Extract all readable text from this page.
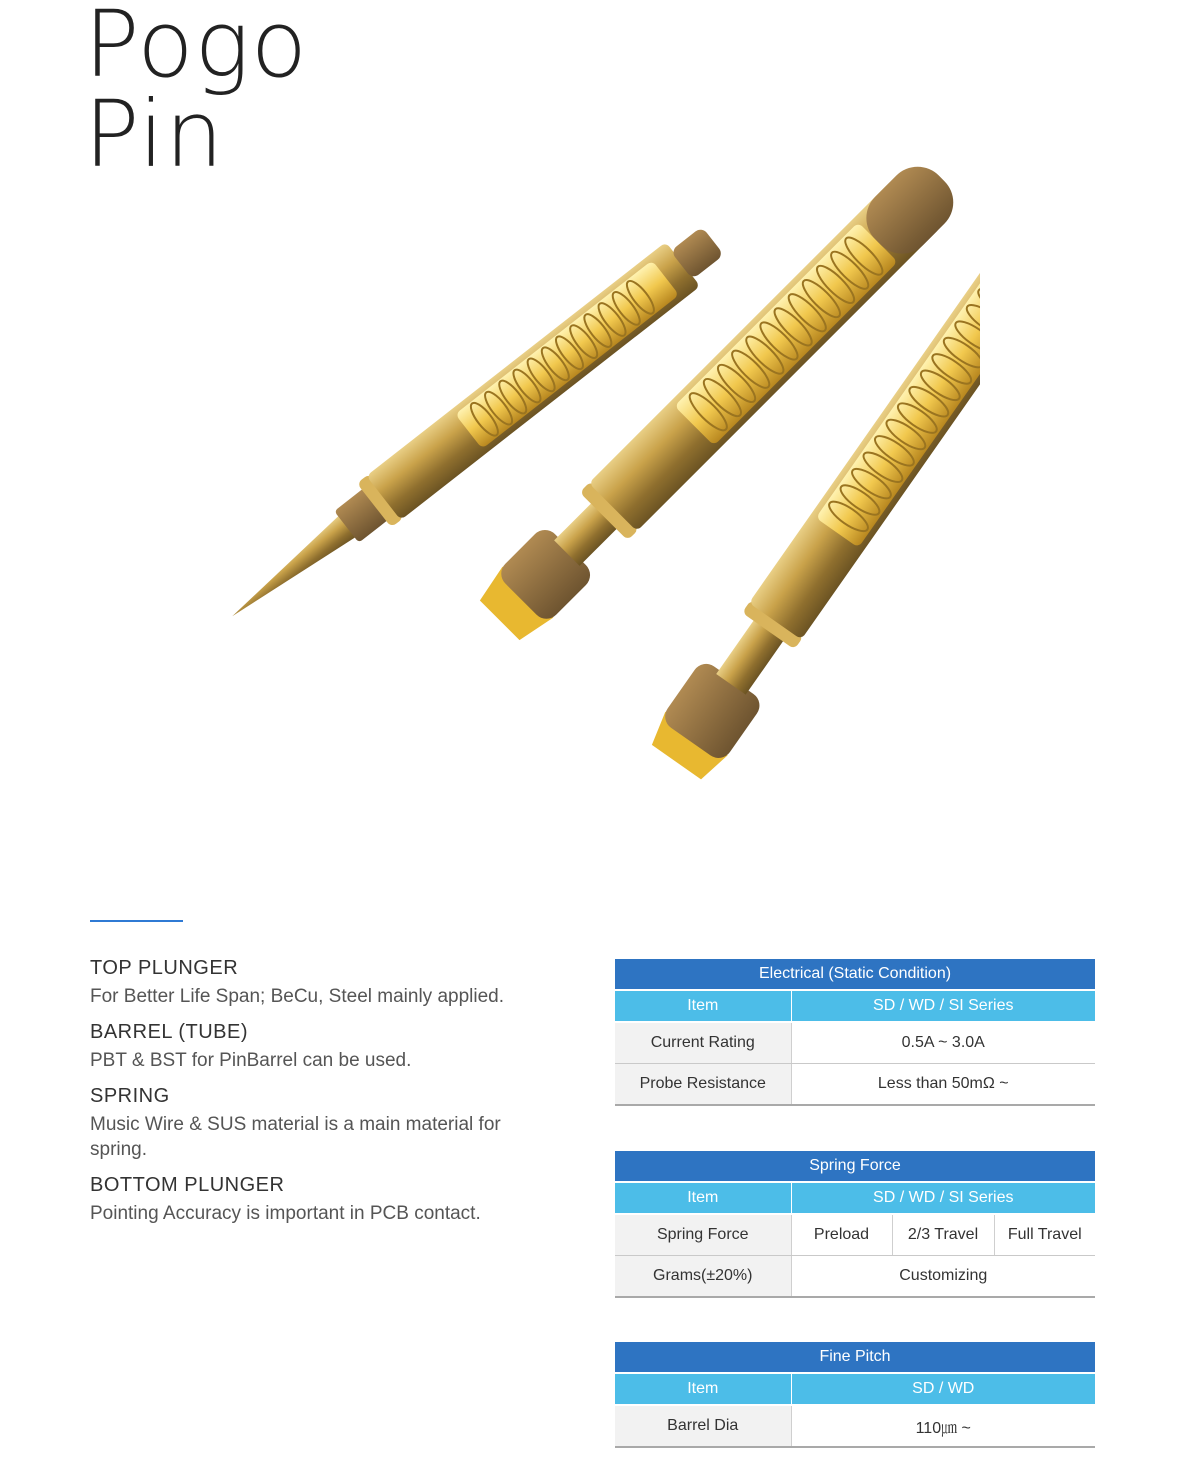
Pogo
Pin
TOP PLUNGER
For Better Life Span; BeCu, Steel mainly applied.
BARREL (TUBE)
PBT & BST for PinBarrel can be used.
SPRING
Music Wire & SUS material is a main material for spring.
BOTTOM PLUNGER
Pointing Accuracy is important in PCB contact.
Electrical (Static Condition)	
Item	SD / WD / SI Series
Current Rating	0.5A ~ 3.0A
Probe Resistance	Less than 50mΩ ~
Spring Force			
Item	SD / WD / SI Series		
Spring Force	Preload	2/3 Travel	Full Travel
Grams(±20%)	Customizing		
Fine Pitch	
Item	SD / WD
Barrel Dia	110㎛ ~
